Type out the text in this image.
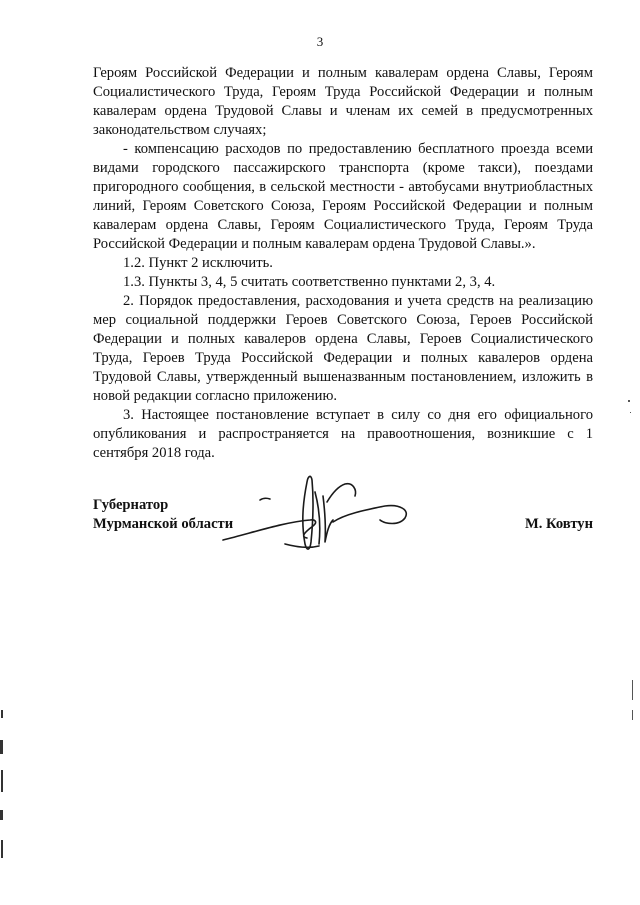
3

Героям Российской Федерации и полным кавалерам ордена Славы, Героям Социалистического Труда, Героям Труда Российской Федерации и полным кавалерам ордена Трудовой Славы и членам их семей в предусмотренных законодательством случаях;

- компенсацию расходов по предоставлению бесплатного проезда всеми видами городского пассажирского транспорта (кроме такси), поездами пригородного сообщения, в сельской местности - автобусами внутриобластных линий, Героям Советского Союза, Героям Российской Федерации и полным кавалерам ордена Славы, Героям Социалистического Труда, Героям Труда Российской Федерации и полным кавалерам ордена Трудовой Славы.».

1.2. Пункт 2 исключить.

1.3. Пункты 3, 4, 5 считать соответственно пунктами 2, 3, 4.

2. Порядок предоставления, расходования и учета средств на реализацию мер социальной поддержки Героев Советского Союза, Героев Российской Федерации и полных кавалеров ордена Славы, Героев Социалистического Труда, Героев Труда Российской Федерации и полных кавалеров ордена Трудовой Славы, утвержденный вышеназванным постановлением, изложить в новой редакции согласно приложению.

3. Настоящее постановление вступает в силу со дня его официального опубликования и распространяется на правоотношения, возникшие с 1 сентября 2018 года.

Губернатор
Мурманской области	М. Ковтун
